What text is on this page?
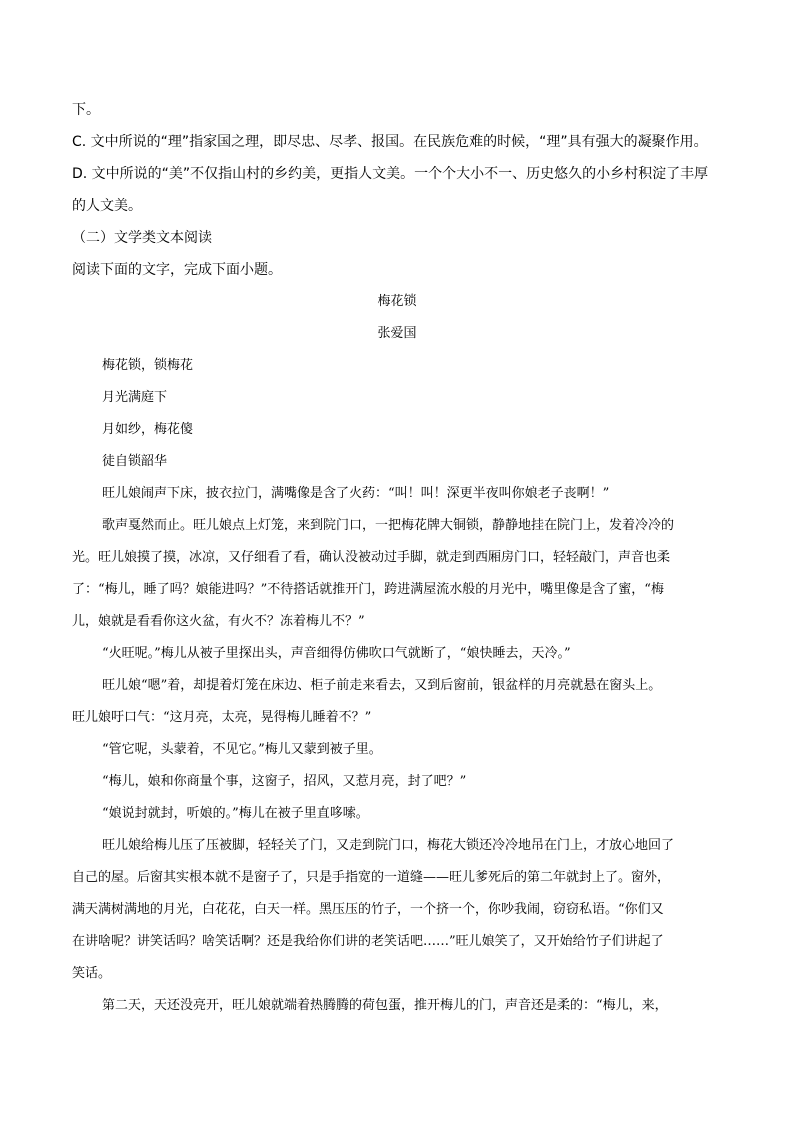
下。
C. 文中所说的“理”指家国之理，即尽忠、尽孝、报国。在民族危难的时候，“理”具有强大的凝聚作用。
D. 文中所说的“美”不仅指山村的乡约美，更指人文美。一个个大小不一、历史悠久的小乡村积淀了丰厚
的人文美。
（二）文学类文本阅读
阅读下面的文字，完成下面小题。
梅花锁
张爱国
梅花锁，锁梅花
月光满庭下
月如纱，梅花傻
徒自锁韶华
旺儿娘闹声下床，披衣拉门，满嘴像是含了火药：“叫！叫！深更半夜叫你娘老子丧啊！”
歌声戛然而止。旺儿娘点上灯笼，来到院门口，一把梅花牌大铜锁，静静地挂在院门上，发着冷冷的
光。旺儿娘摸了摸，冰凉，又仔细看了看，确认没被动过手脚，就走到西厢房门口，轻轻敲门，声音也柔
了：“梅儿，睡了吗？娘能进吗？”不待搭话就推开门，跨进满屋流水般的月光中，嘴里像是含了蜜，“梅
儿，娘就是看看你这火盆，有火不？冻着梅儿不？”
“火旺呢。”梅儿从被子里探出头，声音细得仿佛吹口气就断了，“娘快睡去，天冷。”
旺儿娘“嗯”着，却提着灯笼在床边、柜子前走来看去，又到后窗前，银盆样的月亮就悬在窗头上。
旺儿娘吁口气：“这月亮，太亮，晃得梅儿睡着不？”
“管它呢，头蒙着，不见它。”梅儿又蒙到被子里。
“梅儿，娘和你商量个事，这窗子，招风，又惹月亮，封了吧？”
“娘说封就封，听娘的。”梅儿在被子里直哆嗦。
旺儿娘给梅儿压了压被脚，轻轻关了门，又走到院门口，梅花大锁还冷冷地吊在门上，才放心地回了
自己的屋。后窗其实根本就不是窗子了，只是手指宽的一道缝——旺儿爹死后的第二年就封上了。窗外，
满天满树满地的月光，白花花，白天一样。黑压压的竹子，一个挤一个，你吵我闹，窃窃私语。“你们又
在讲啥呢？讲笑话吗？啥笑话啊？还是我给你们讲的老笑话吧……”旺儿娘笑了，又开始给竹子们讲起了
笑话。
第二天，天还没亮开，旺儿娘就端着热腾腾的荷包蛋，推开梅儿的门，声音还是柔的：“梅儿，来，
